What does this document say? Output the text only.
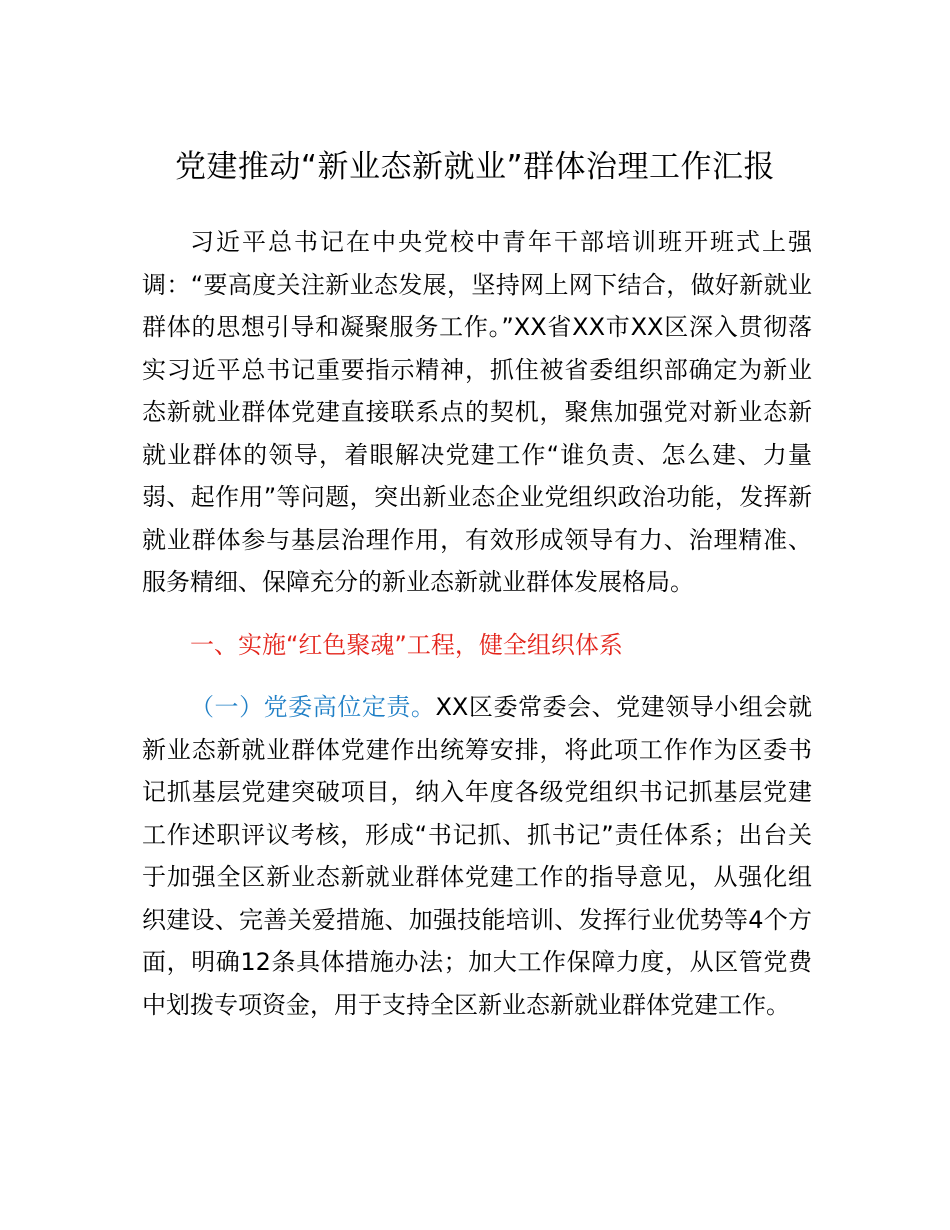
党建推动“新业态新就业”群体治理工作汇报

习近平总书记在中央党校中青年干部培训班开班式上强调：“要高度关注新业态发展，坚持网上网下结合，做好新就业群体的思想引导和凝聚服务工作。”XX省XX市XX区深入贯彻落实习近平总书记重要指示精神，抓住被省委组织部确定为新业态新就业群体党建直接联系点的契机，聚焦加强党对新业态新就业群体的领导，着眼解决党建工作“谁负责、怎么建、力量弱、起作用”等问题，突出新业态企业党组织政治功能，发挥新就业群体参与基层治理作用，有效形成领导有力、治理精准、服务精细、保障充分的新业态新就业群体发展格局。

一、实施“红色聚魂”工程，健全组织体系

（一）党委高位定责。XX区委常委会、党建领导小组会就新业态新就业群体党建作出统筹安排，将此项工作作为区委书记抓基层党建突破项目，纳入年度各级党组织书记抓基层党建工作述职评议考核，形成“书记抓、抓书记”责任体系；出台关于加强全区新业态新就业群体党建工作的指导意见，从强化组织建设、完善关爱措施、加强技能培训、发挥行业优势等4个方面，明确12条具体措施办法；加大工作保障力度，从区管党费中划拨专项资金，用于支持全区新业态新就业群体党建工作。
